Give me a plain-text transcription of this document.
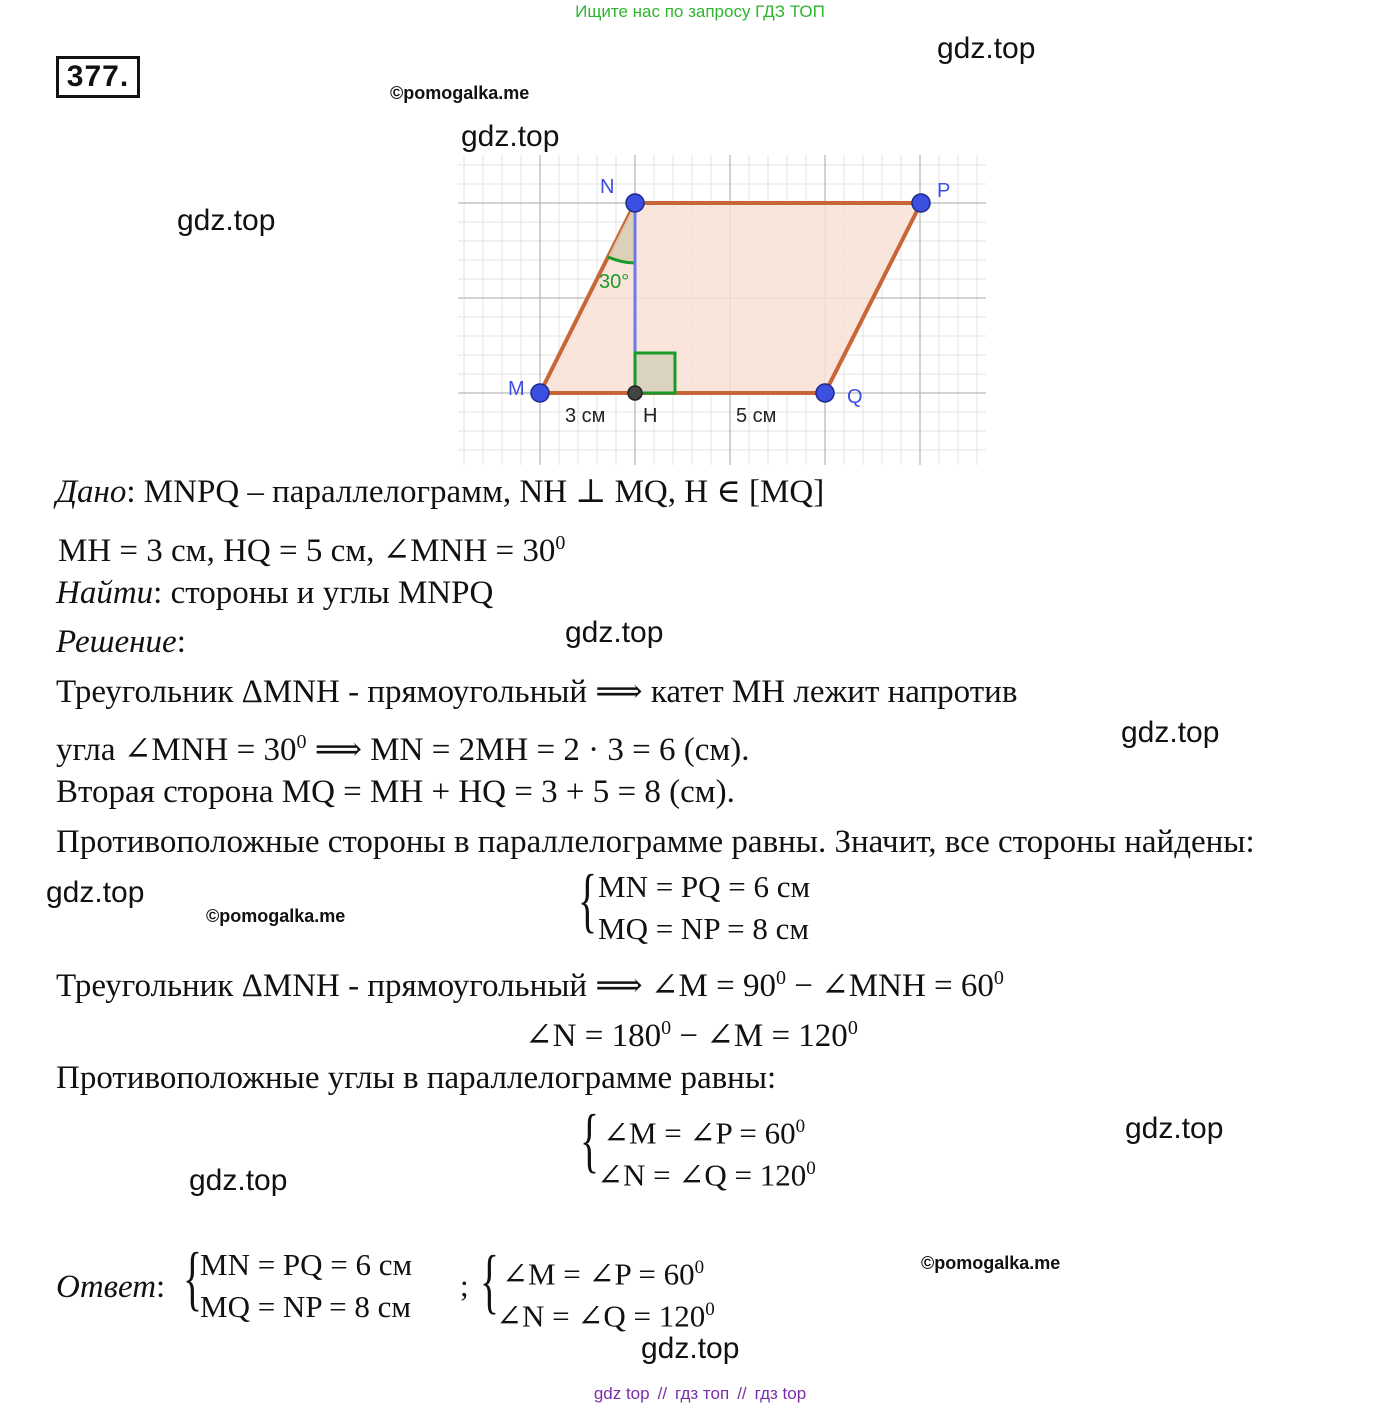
Ищите нас по запросу ГДЗ ТОП
377.
gdz.top
©pomogalka.me
gdz.top
gdz.top
gdz.top
gdz.top
gdz.top
©pomogalka.me
gdz.top
gdz.top
©pomogalka.me
gdz.top
30°
N	P
M	Q
H
3 см	5 см
Дано: MNPQ – параллелограмм, NH ⊥ MQ, H ∈ [MQ]
MH = 3 см, HQ = 5 см, ∠MNH = $30^0$
Найти: стороны и углы MNPQ
Решение:
Треугольник ΔMNH - прямоугольный ⟹ катет MH лежит напротив
угла ∠MNH = $30^0$ ⟹ MN = 2MH = 2 · 3 = 6 (см).
Вторая сторона MQ = MH + HQ = 3 + 5 = 8 (см).
Противоположные стороны в параллелограмме равны. Значит, все стороны найдены:
{ MN = PQ = 6 см
MQ = NP = 8 см
Треугольник ΔMNH - прямоугольный ⟹ ∠M = $90^0$ − ∠MNH = $60^0$
∠N = $180^0$ − ∠M = $120^0$
Противоположные углы в параллелограмме равны:
{ ∠M = ∠P = $60^0$
∠N = ∠Q = $120^0$
Ответ: {
MN = PQ = 6 см
MQ = NP = 8 см
; { ∠M = ∠P = $60^0$
∠N = ∠Q = $120^0$
gdz top // гдз топ // гдз top
